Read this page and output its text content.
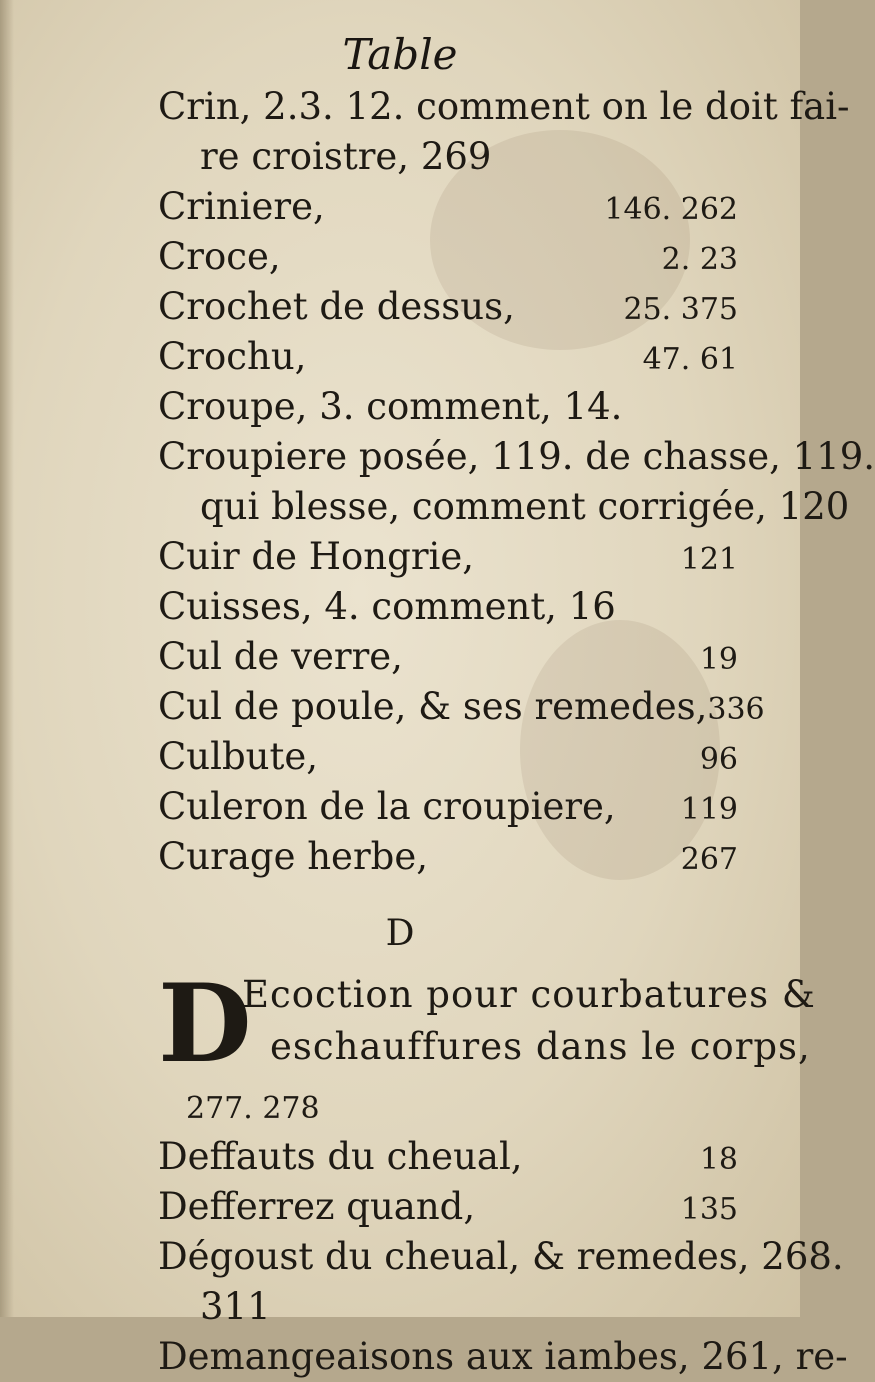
Table
Crin, 2.3. 12. comment on le doit fai-
re croistre, 269
Criniere,	146. 262
Croce,	2. 23
Crochet de dessus,	25. 375
Crochu,	47. 61
Croupe, 3. comment, 14.
Croupiere posée, 119. de chasse, 119.
qui blesse, comment corrigée, 120
Cuir de Hongrie,	121
Cuisses, 4. comment, 16
Cul de verre,	19
Cul de poule, & ses remedes, 336
Culbute,	96
Culeron de la croupiere, 119
Curage herbe,	267
D
D
Ecoction pour courbatures &
eschauffures dans le corps,
277. 278
Deffauts du cheual,	18
Defferrez quand,	135
Dégoust du cheual, & remedes, 268.
311
Demangeaisons aux iambes, 261, re-
